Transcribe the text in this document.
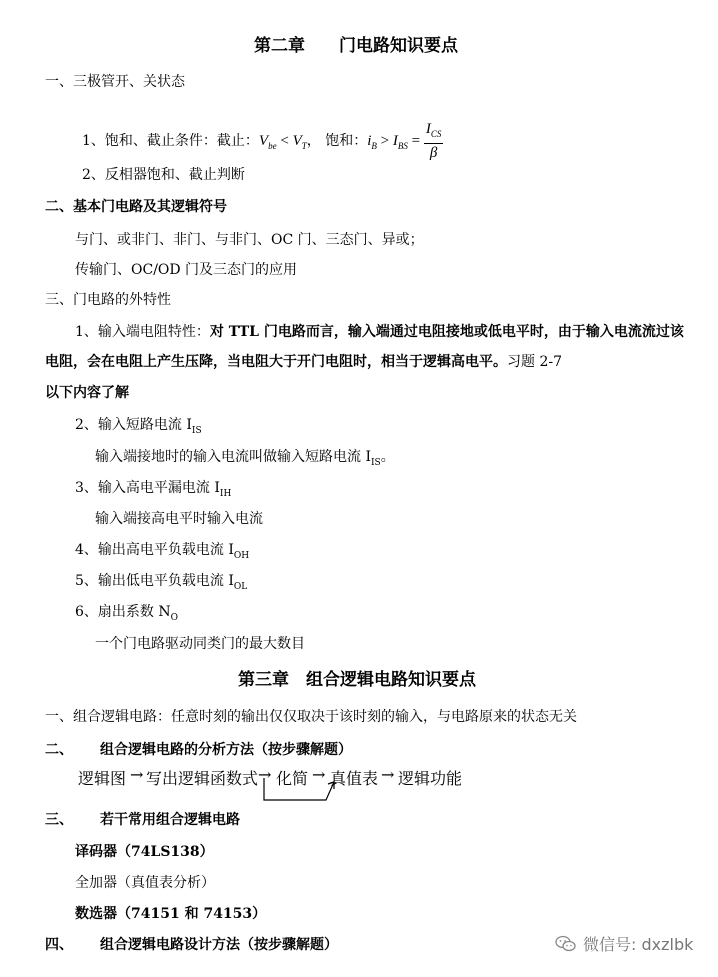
第二章　　门电路知识要点
一、三极管开、关状态
1、饱和、截止条件：截止：$V_{be} < V_T$， 饱和：$i_B > I_{BS} = \frac{I_{CS}}{\beta}$
2、反相器饱和、截止判断
二、基本门电路及其逻辑符号
与门、或非门、非门、与非门、OC 门、三态门、异或；
传输门、OC/OD 门及三态门的应用
三、门电路的外特性
1、输入端电阻特性：对 TTL 门电路而言，输入端通过电阻接地或低电平时，由于输入电流流过该
电阻，会在电阻上产生压降，当电阻大于开门电阻时，相当于逻辑高电平。习题 2-7
以下内容了解
2、输入短路电流 $I_{IS}$
输入端接地时的输入电流叫做输入短路电流 $I_{IS}$。
3、输入高电平漏电流 $I_{IH}$
输入端接高电平时输入电流
4、输出高电平负载电流 $I_{OH}$
5、输出低电平负载电流 $I_{OL}$
6、扇出系数 $N_O$
一个门电路驱动同类门的最大数目
第三章　组合逻辑电路知识要点
一、组合逻辑电路：任意时刻的输出仅仅取决于该时刻的输入，与电路原来的状态无关
二、 组合逻辑电路的分析方法（按步骤解题）
逻辑图 → 写出逻辑函数式 → 化简 → 真值表 → 逻辑功能
三、 若干常用组合逻辑电路
译码器（74LS138）
全加器（真值表分析）
数选器（74151 和 74153）
四、 组合逻辑电路设计方法（按步骤解题）	微信号: dxzlbk
